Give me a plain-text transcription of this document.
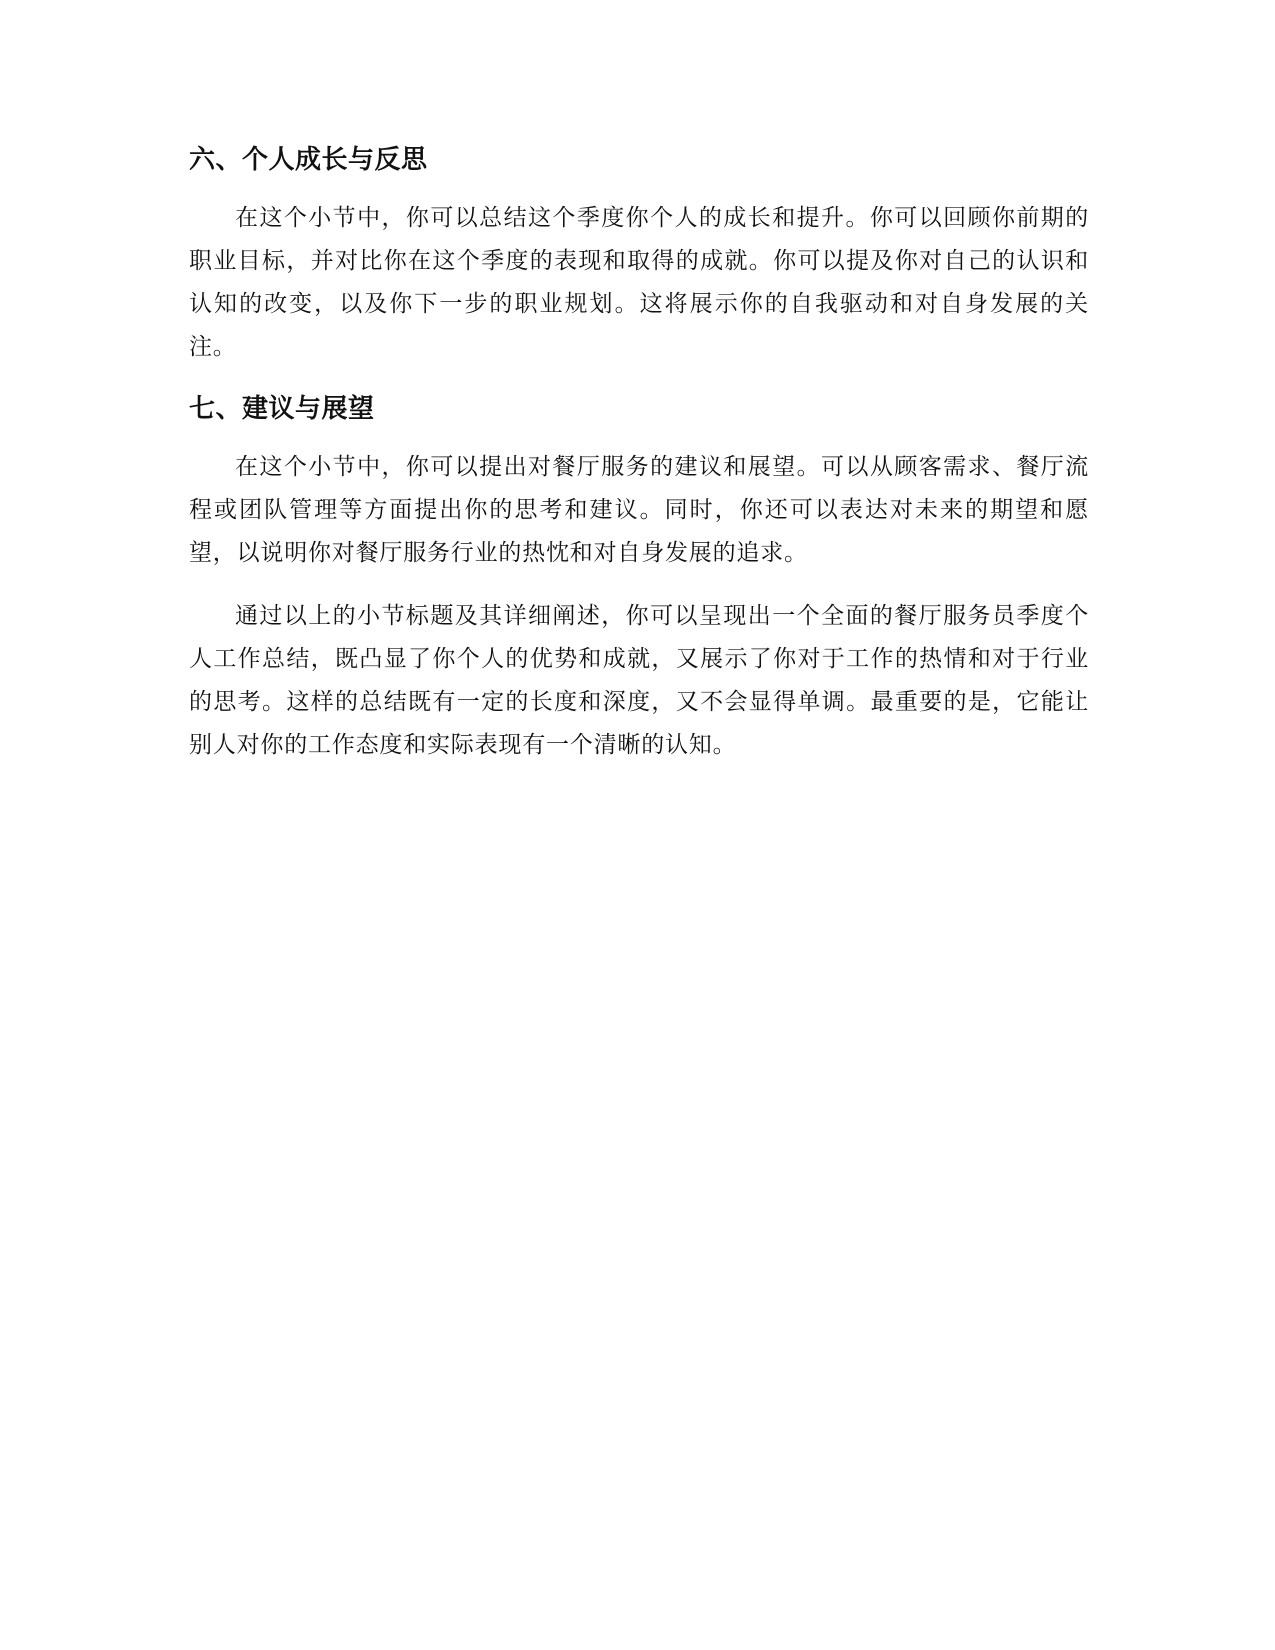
六、个人成长与反思

在这个小节中，你可以总结这个季度你个人的成长和提升。你可以回顾你前期的职业目标，并对比你在这个季度的表现和取得的成就。你可以提及你对自己的认识和认知的改变，以及你下一步的职业规划。这将展示你的自我驱动和对自身发展的关注。

七、建议与展望

在这个小节中，你可以提出对餐厅服务的建议和展望。可以从顾客需求、餐厅流程或团队管理等方面提出你的思考和建议。同时，你还可以表达对未来的期望和愿望，以说明你对餐厅服务行业的热忱和对自身发展的追求。

通过以上的小节标题及其详细阐述，你可以呈现出一个全面的餐厅服务员季度个人工作总结，既凸显了你个人的优势和成就，又展示了你对于工作的热情和对于行业的思考。这样的总结既有一定的长度和深度，又不会显得单调。最重要的是，它能让别人对你的工作态度和实际表现有一个清晰的认知。
